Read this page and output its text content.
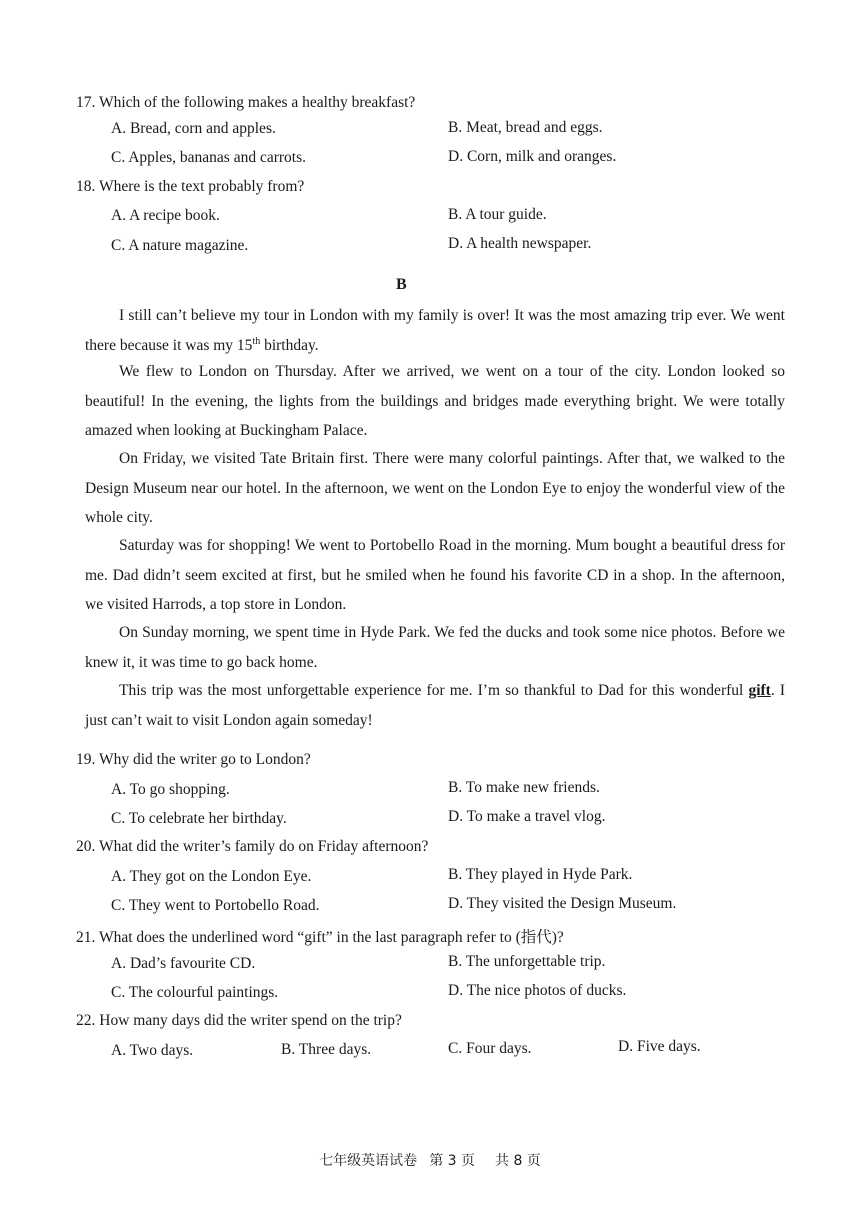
17. Which of the following makes a healthy breakfast?
A. Bread, corn and apples.	B. Meat, bread and eggs.
C. Apples, bananas and carrots.	D. Corn, milk and oranges.
18. Where is the text probably from?
A. A recipe book.	B. A tour guide.
C. A nature magazine.	D. A health newspaper.
B
I still can’t believe my tour in London with my family is over! It was the most amazing trip ever. We went there because it was my 15th birthday.
We flew to London on Thursday. After we arrived, we went on a tour of the city. London looked so beautiful! In the evening, the lights from the buildings and bridges made everything bright. We were totally amazed when looking at Buckingham Palace.
On Friday, we visited Tate Britain first. There were many colorful paintings. After that, we walked to the Design Museum near our hotel. In the afternoon, we went on the London Eye to enjoy the wonderful view of the whole city.
Saturday was for shopping! We went to Portobello Road in the morning. Mum bought a beautiful dress for me. Dad didn’t seem excited at first, but he smiled when he found his favorite CD in a shop. In the afternoon, we visited Harrods, a top store in London.
On Sunday morning, we spent time in Hyde Park. We fed the ducks and took some nice photos. Before we knew it, it was time to go back home.
This trip was the most unforgettable experience for me. I’m so thankful to Dad for this wonderful gift. I just can’t wait to visit London again someday!
19. Why did the writer go to London?
A. To go shopping.	B. To make new friends.
C. To celebrate her birthday.	D. To make a travel vlog.
20. What did the writer’s family do on Friday afternoon?
A. They got on the London Eye.	B. They played in Hyde Park.
C. They went to Portobello Road.	D. They visited the Design Museum.
21. What does the underlined word “gift” in the last paragraph refer to (指代)?
A. Dad’s favourite CD.	B. The unforgettable trip.
C. The colourful paintings.	D. The nice photos of ducks.
22. How many days did the writer spend on the trip?
A. Two days.	B. Three days.	C. Four days.	D. Five days.
七年级英语试卷 第 3 页 共 8 页
